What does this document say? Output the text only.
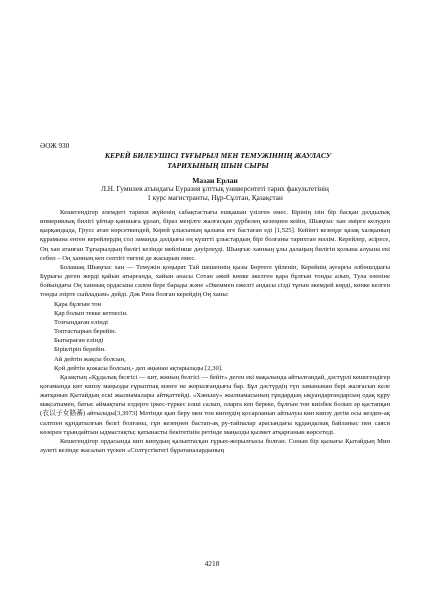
ӘОЖ 930
КЕРЕЙ БИЛЕУШІСІ ТҰҒЫРЫЛ МЕН ТЕМУЖІННІҢ ЖАУЛАСУ
ТАРИХЫНЫҢ ШЫН СЫРЫ
Мазан Ерлан
Л.Н. Гумилев атындағы Еуразия ұлттық университеті тарих факультетінің
1 курс магистранты, Нұр-Сұлтан, Қазақстан

Кешегендігер әлемдегі тарихи жүйенің сабақтастығы ешқашан үзілген емес. Бірінің ізін бір басқан дәлдылық ипмериялық билігі ұйтыр қаншыға ұрлап, біраз меңілге жалғасқан дүрбелең кезеңнен кейін, Шыңғыс хан әмірге келуден қырқандыда, Грусс атап көрсеткендей, Керей ұлысының қалыпа еге бастаған еді [1,525]. Кейінгі кезеңде қазақ халқының құрамына енген керейлердің сол заманда дәлдығы ең күштті ұлыстардың бірі болғаны тарихтан мәлім. Керейлер, әсіресе, Оң хан атанған Тұғырылдың билігі кезінде мейлінше дәуірлеуді. Шыңғыс ханның ұлы далаңың билігін қолына алуына екі себеп – Оң ханның кеп септігі тигені де жасырын емес.

Болашақ Шыңғыс хан — Темужін қоңырат Тай шешеннің қызы Бөртеге үйленіп, Керейнің ауғарғы әлбөшлдығы Бүрығы деген жерді қайын атырғанда, хайын анасы Сотан әжей көпке әкелген қара бұлғын тонды алып, Тула өзеніне бойындағы Оң ханның ордасына сәлем бере барады және «Әкеммен ежелгі андасы сізді тұғын әкемдей көрді, көпке келген тонды әзірте сыйладым» дейді. Дәк Риза болған керейдің Оң ханы:

Қара бұлғын тон
Қар болып текке кетпесін.
Тозғындаған елінді
Топтастырып берейін.
Бытыраған елінді
Біріктіріп берейін.
Ай дейтін жақсы болсын,
Қой дейтін қожасы болсын,- деп аңынан ақтарылады [2,30].

Қазақтың «Құдалық белгісі — кит, жиның белгісі — бейіт» деген екі мақалында айтылғандай, дәстүрлі кешегендігер қоғамында кит кипзу маңызды ғұрыптық мәнге не жорылғандығы бар. Бұл дәстүрдің түп заманынан бері жалғасып келе жатқанын Қытайдың ескі жылнамалары айтқаттейді. «Хяньшу» жылнамасының гұндардың ықуандарғандарсың одақ құру мақсатымен, батыс аймақтағы елдерге іркес-түркес елші салып, оларға кеп береке, бұлғын тон киізбек болып әр қастапқан (衣以子女賂蕃) айтылады[3,3973] Мәтінде қып беру мен тон кипзудің қосарланып айтылуы кип кипзу дегім осы кезден-ақ салтпен құндатылғын белгі болғаны, гұн кезеңнен бастап-ақ ру-тайпалар арасындағы құдандалық байланыс пен саяси көзерен тұындайтын ыдмастақты; қатынасты бекітетінін ретінде маңызды қызмет атқарғанын көрсетеді.

Кешегендігер ордасында кип кипудың қалыптасқан ғұрып-жорылғысы болған. Сонын бір қызығы Қытайдың Мин әулеті кезінде жасалып түскен «Солтүстіктегі бұратаналардының

4218
